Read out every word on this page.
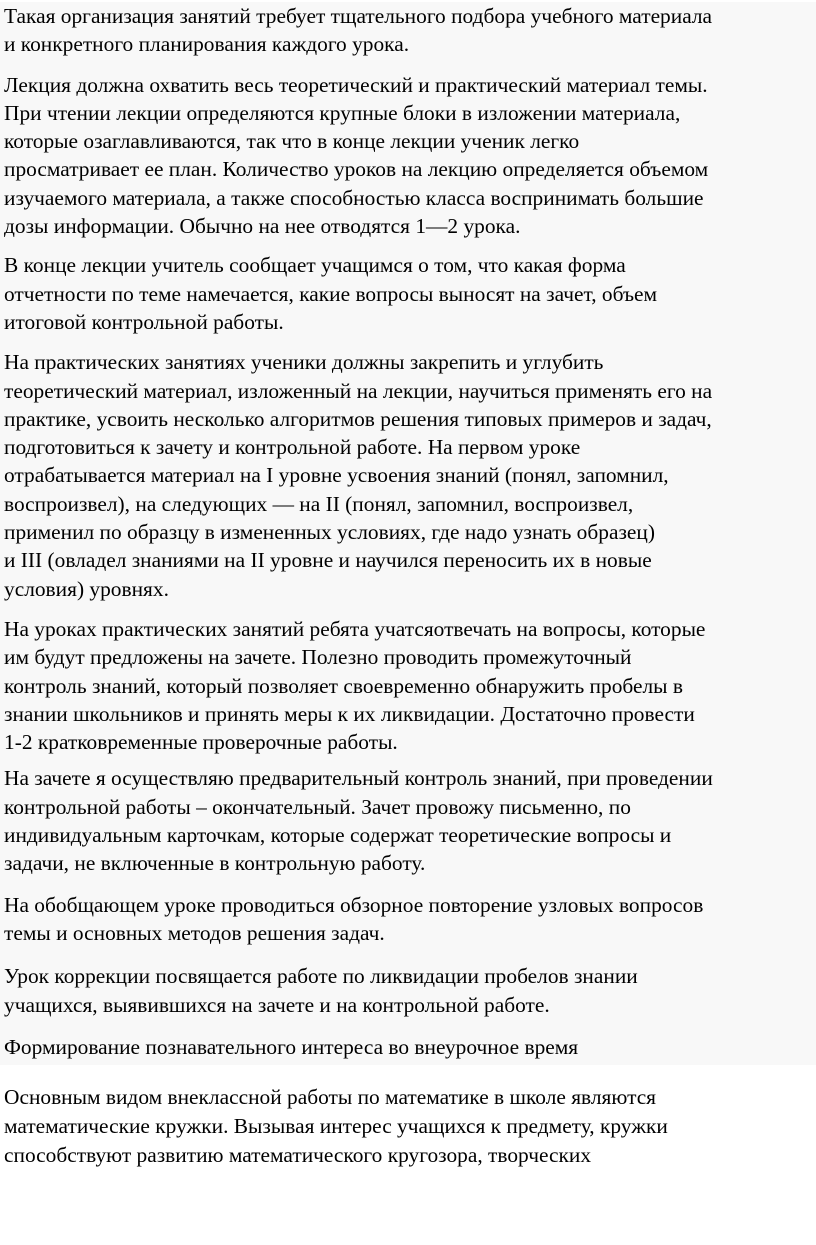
Такая организация занятий требует тщательного подбора учебного материала
и конкретного планирования каждого урока.

Лекция должна охватить весь теоретический и практический материал темы.
При чтении лекции определяются крупные блоки в изложении материала,
которые озаглавливаются, так что в конце лекции ученик легко
просматривает ее план. Количество уроков на лекцию определяется объемом
изучаемого материала, а также способностью класса воспринимать большие
дозы информации. Обычно на нее отводятся 1—2 урока.

В конце лекции учитель сообщает учащимся о том, что какая форма
отчетности по теме намечается, какие вопросы выносят на зачет, объем
итоговой контрольной работы.

На практических занятиях ученики должны закрепить и углубить
теоретический материал, изложенный на лекции, научиться применять его на
практике, усвоить несколько алгоритмов решения типовых примеров и задач,
подготовиться к зачету и контрольной работе. На первом уроке
отрабатывается материал на I уровне усвоения знаний (понял, запомнил,
воспроизвел), на следующих — на II (понял, запомнил, воспроизвел,
применил по образцу в измененных условиях, где надо узнать образец)
и III (овладел знаниями на II уровне и научился переносить их в новые
условия) уровнях.

На уроках практических занятий ребята учатсяотвечать на вопросы, которые
им будут предложены на зачете. Полезно проводить промежуточный
контроль знаний, который позволяет своевременно обнаружить пробелы в
знании школьников и принять меры к их ликвидации. Достаточно провести
1-2 кратковременные проверочные работы.

На зачете я осуществляю предварительный контроль знаний, при проведении
контрольной работы – окончательный. Зачет провожу письменно, по
индивидуальным карточкам, которые содержат теоретические вопросы и
задачи, не включенные в контрольную работу.

На обобщающем уроке проводиться обзорное повторение узловых вопросов
темы и основных методов решения задач.

Урок коррекции посвящается работе по ликвидации пробелов знании
учащихся, выявившихся на зачете и на контрольной работе.

Формирование познавательного интереса во внеурочное время

Основным видом внеклассной работы по математике в школе являются
математические кружки. Вызывая интерес учащихся к предмету, кружки
способствуют развитию математического кругозора, творческих
